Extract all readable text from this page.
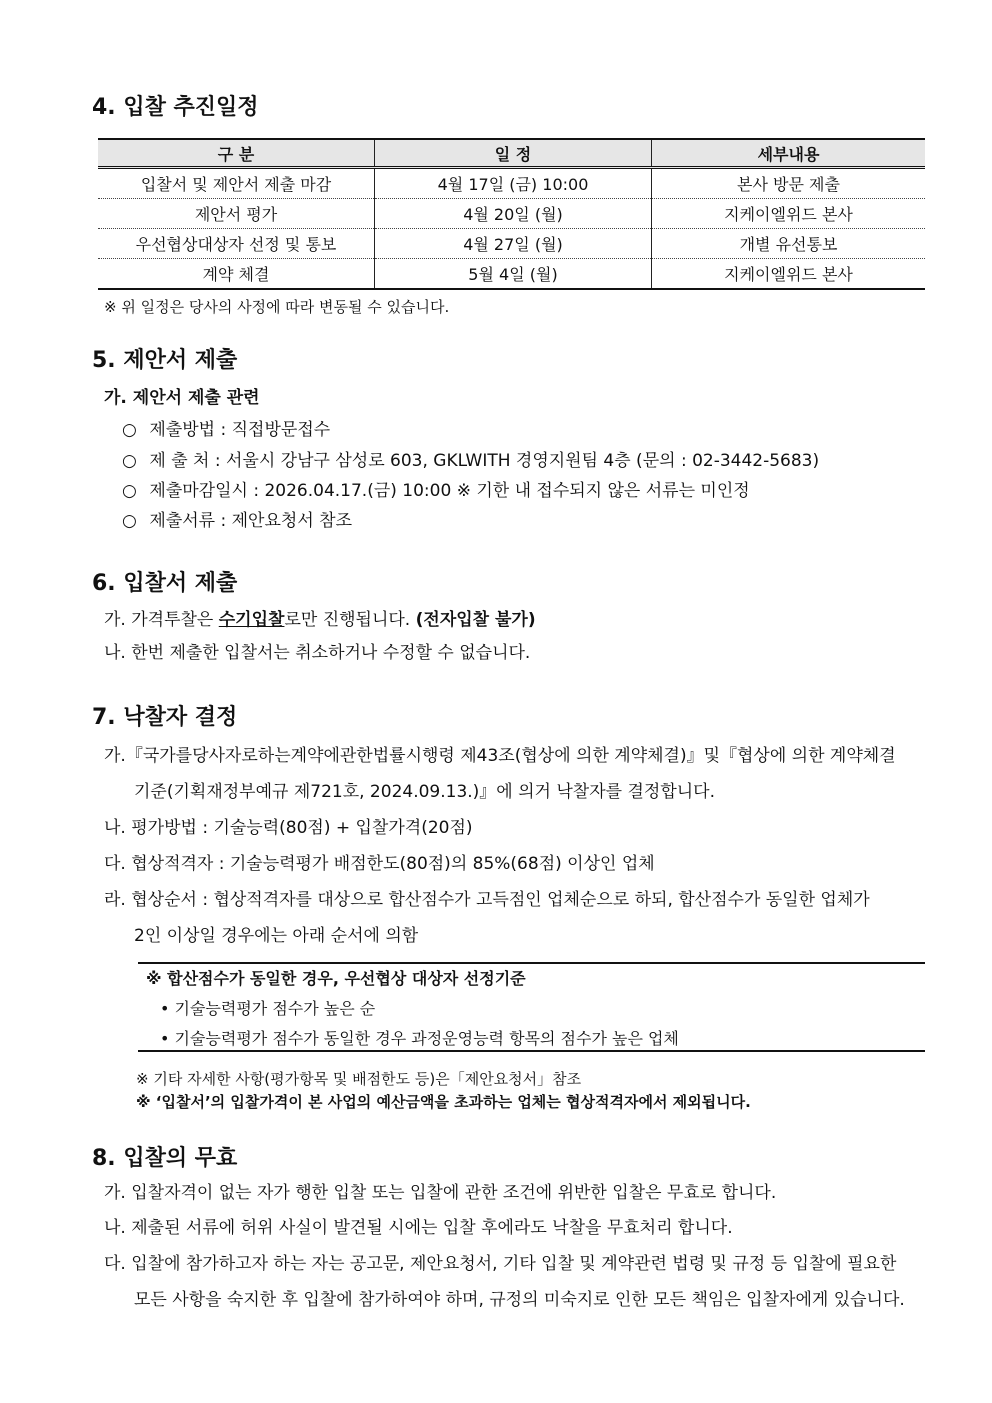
4. 입찰 추진일정
구 분	일 정	세부내용
입찰서 및 제안서 제출 마감	4월 17일 (금) 10:00	본사 방문 제출
제안서 평가	4월 20일 (월)	지케이엘위드 본사
우선협상대상자 선정 및 통보	4월 27일 (월)	개별 유선통보
계약 체결	5월 4일 (월)	지케이엘위드 본사
※ 위 일정은 당사의 사정에 따라 변동될 수 있습니다.
5. 제안서 제출
가. 제안서 제출 관련
○ 제출방법 : 직접방문접수
○ 제 출 처 : 서울시 강남구 삼성로 603, GKLWITH 경영지원팀 4층 (문의 : 02-3442-5683)
○ 제출마감일시 : 2026.04.17.(금) 10:00 ※ 기한 내 접수되지 않은 서류는 미인정
○ 제출서류 : 제안요청서 참조
6. 입찰서 제출
가. 가격투찰은 수기입찰로만 진행됩니다. (전자입찰 불가)
나. 한번 제출한 입찰서는 취소하거나 수정할 수 없습니다.
7. 낙찰자 결정
가.『국가를당사자로하는계약에관한법률시행령 제43조(협상에 의한 계약체결)』및『협상에 의한 계약체결
기준(기획재정부예규 제721호, 2024.09.13.)』에 의거 낙찰자를 결정합니다.
나. 평가방법 : 기술능력(80점) + 입찰가격(20점)
다. 협상적격자 : 기술능력평가 배점한도(80점)의 85%(68점) 이상인 업체
라. 협상순서 : 협상적격자를 대상으로 합산점수가 고득점인 업체순으로 하되, 합산점수가 동일한 업체가
2인 이상일 경우에는 아래 순서에 의함
※ 합산점수가 동일한 경우, 우선협상 대상자 선정기준
• 기술능력평가 점수가 높은 순
• 기술능력평가 점수가 동일한 경우 과정운영능력 항목의 점수가 높은 업체
※ 기타 자세한 사항(평가항목 및 배점한도 등)은「제안요청서」참조
※ ‘입찰서’의 입찰가격이 본 사업의 예산금액을 초과하는 업체는 협상적격자에서 제외됩니다.
8. 입찰의 무효
가. 입찰자격이 없는 자가 행한 입찰 또는 입찰에 관한 조건에 위반한 입찰은 무효로 합니다.
나. 제출된 서류에 허위 사실이 발견될 시에는 입찰 후에라도 낙찰을 무효처리 합니다.
다. 입찰에 참가하고자 하는 자는 공고문, 제안요청서, 기타 입찰 및 계약관련 법령 및 규정 등 입찰에 필요한
모든 사항을 숙지한 후 입찰에 참가하여야 하며, 규정의 미숙지로 인한 모든 책임은 입찰자에게 있습니다.
